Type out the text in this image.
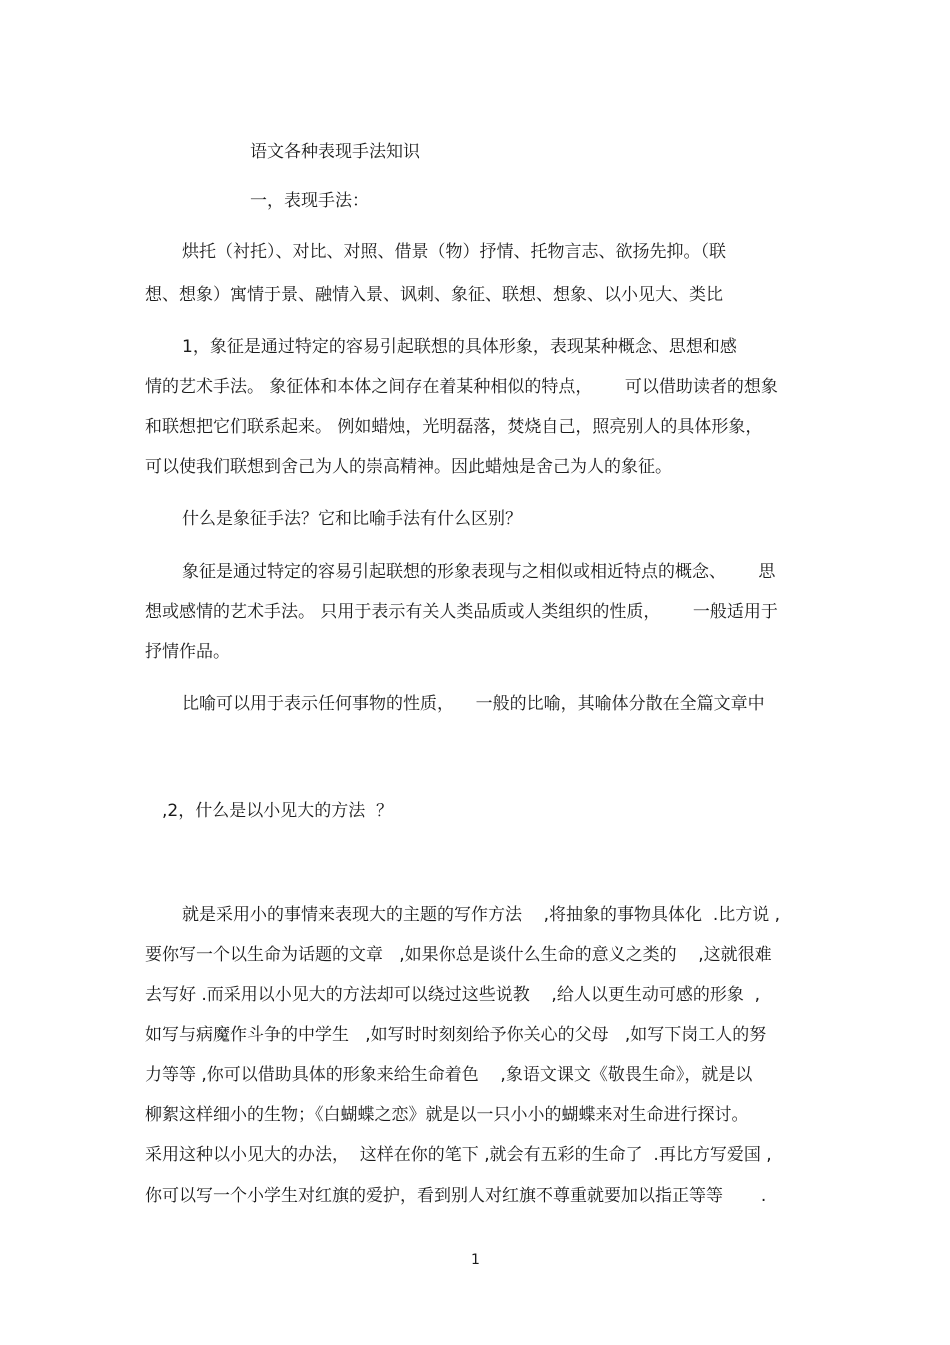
语文各种表现手法知识
一，表现手法：
烘托（衬托）、对比、对照、借景（物）抒情、托物言志、欲扬先抑。（联
想、想象）寓情于景、融情入景、讽刺、象征、联想、想象、以小见大、类比
1，象征是通过特定的容易引起联想的具体形象，表现某种概念、思想和感
情的艺术手法。 象征体和本体之间存在着某种相似的特点，      可以借助读者的想象
和联想把它们联系起来。 例如蜡烛，光明磊落，焚烧自己，照亮别人的具体形象，
可以使我们联想到舍己为人的崇高精神。因此蜡烛是舍己为人的象征。
什么是象征手法？它和比喻手法有什么区别？
象征是通过特定的容易引起联想的形象表现与之相似或相近特点的概念、      思
想或感情的艺术手法。 只用于表示有关人类品质或人类组织的性质，      一般适用于
抒情作品。
比喻可以用于表示任何事物的性质，    一般的比喻，其喻体分散在全篇文章中
,2，什么是以小见大的方法  ？
就是采用小的事情来表现大的主题的写作方法    ,将抽象的事物具体化  .比方说 ,
要你写一个以生命为话题的文章   ,如果你总是谈什么生命的意义之类的    ,这就很难
去写好 .而采用以小见大的方法却可以绕过这些说教    ,给人以更生动可感的形象  ,
如写与病魔作斗争的中学生   ,如写时时刻刻给予你关心的父母   ,如写下岗工人的努
力等等 ,你可以借助具体的形象来给生命着色    ,象语文课文《敬畏生命》，就是以
柳絮这样细小的生物；《白蝴蝶之恋》就是以一只小小的蝴蝶来对生命进行探讨。
采用这种以小见大的办法，  这样在你的笔下 ,就会有五彩的生命了  .再比方写爱国 ,
你可以写一个小学生对红旗的爱护，看到别人对红旗不尊重就要加以指正等等       .
1
